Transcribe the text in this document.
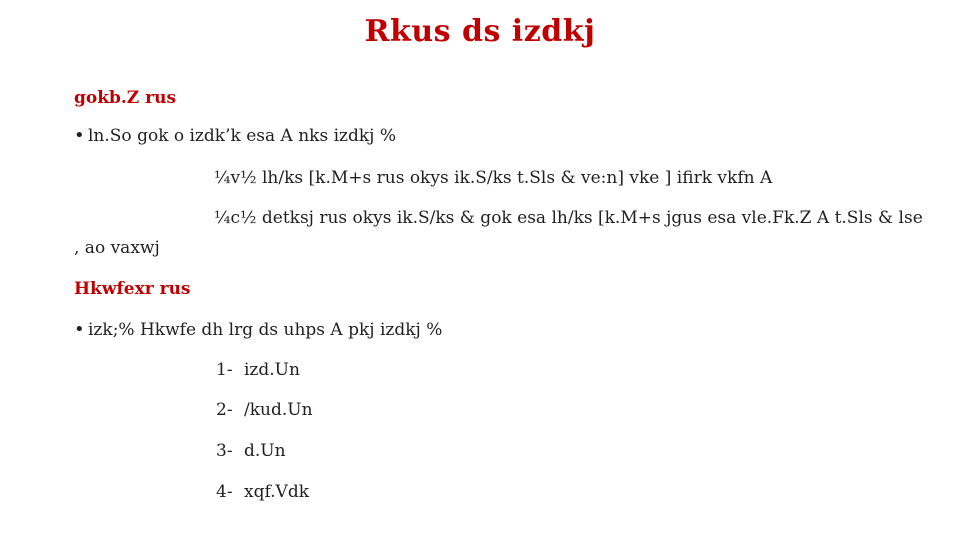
Rkus ds izdkj
gokb.Z rus
• ln.So gok o izdk’k esa A nks izdkj %
¼v½ lh/ks [k.M+s rus okys ik.S/ks t.Sls & ve:n] vke ] ifirk vkfn A
¼c½ detksj rus okys ik.S/ks & gok esa lh/ks [k.M+s jgus esa vle.Fk.Z A t.Sls & lse
, ao vaxwj
Hkwfexr rus
• izk;% Hkwfe dh lrg ds uhps A pkj izdkj %
1- izd.Un
2- /kud.Un
3- d.Un
4- xqf.Vdk
